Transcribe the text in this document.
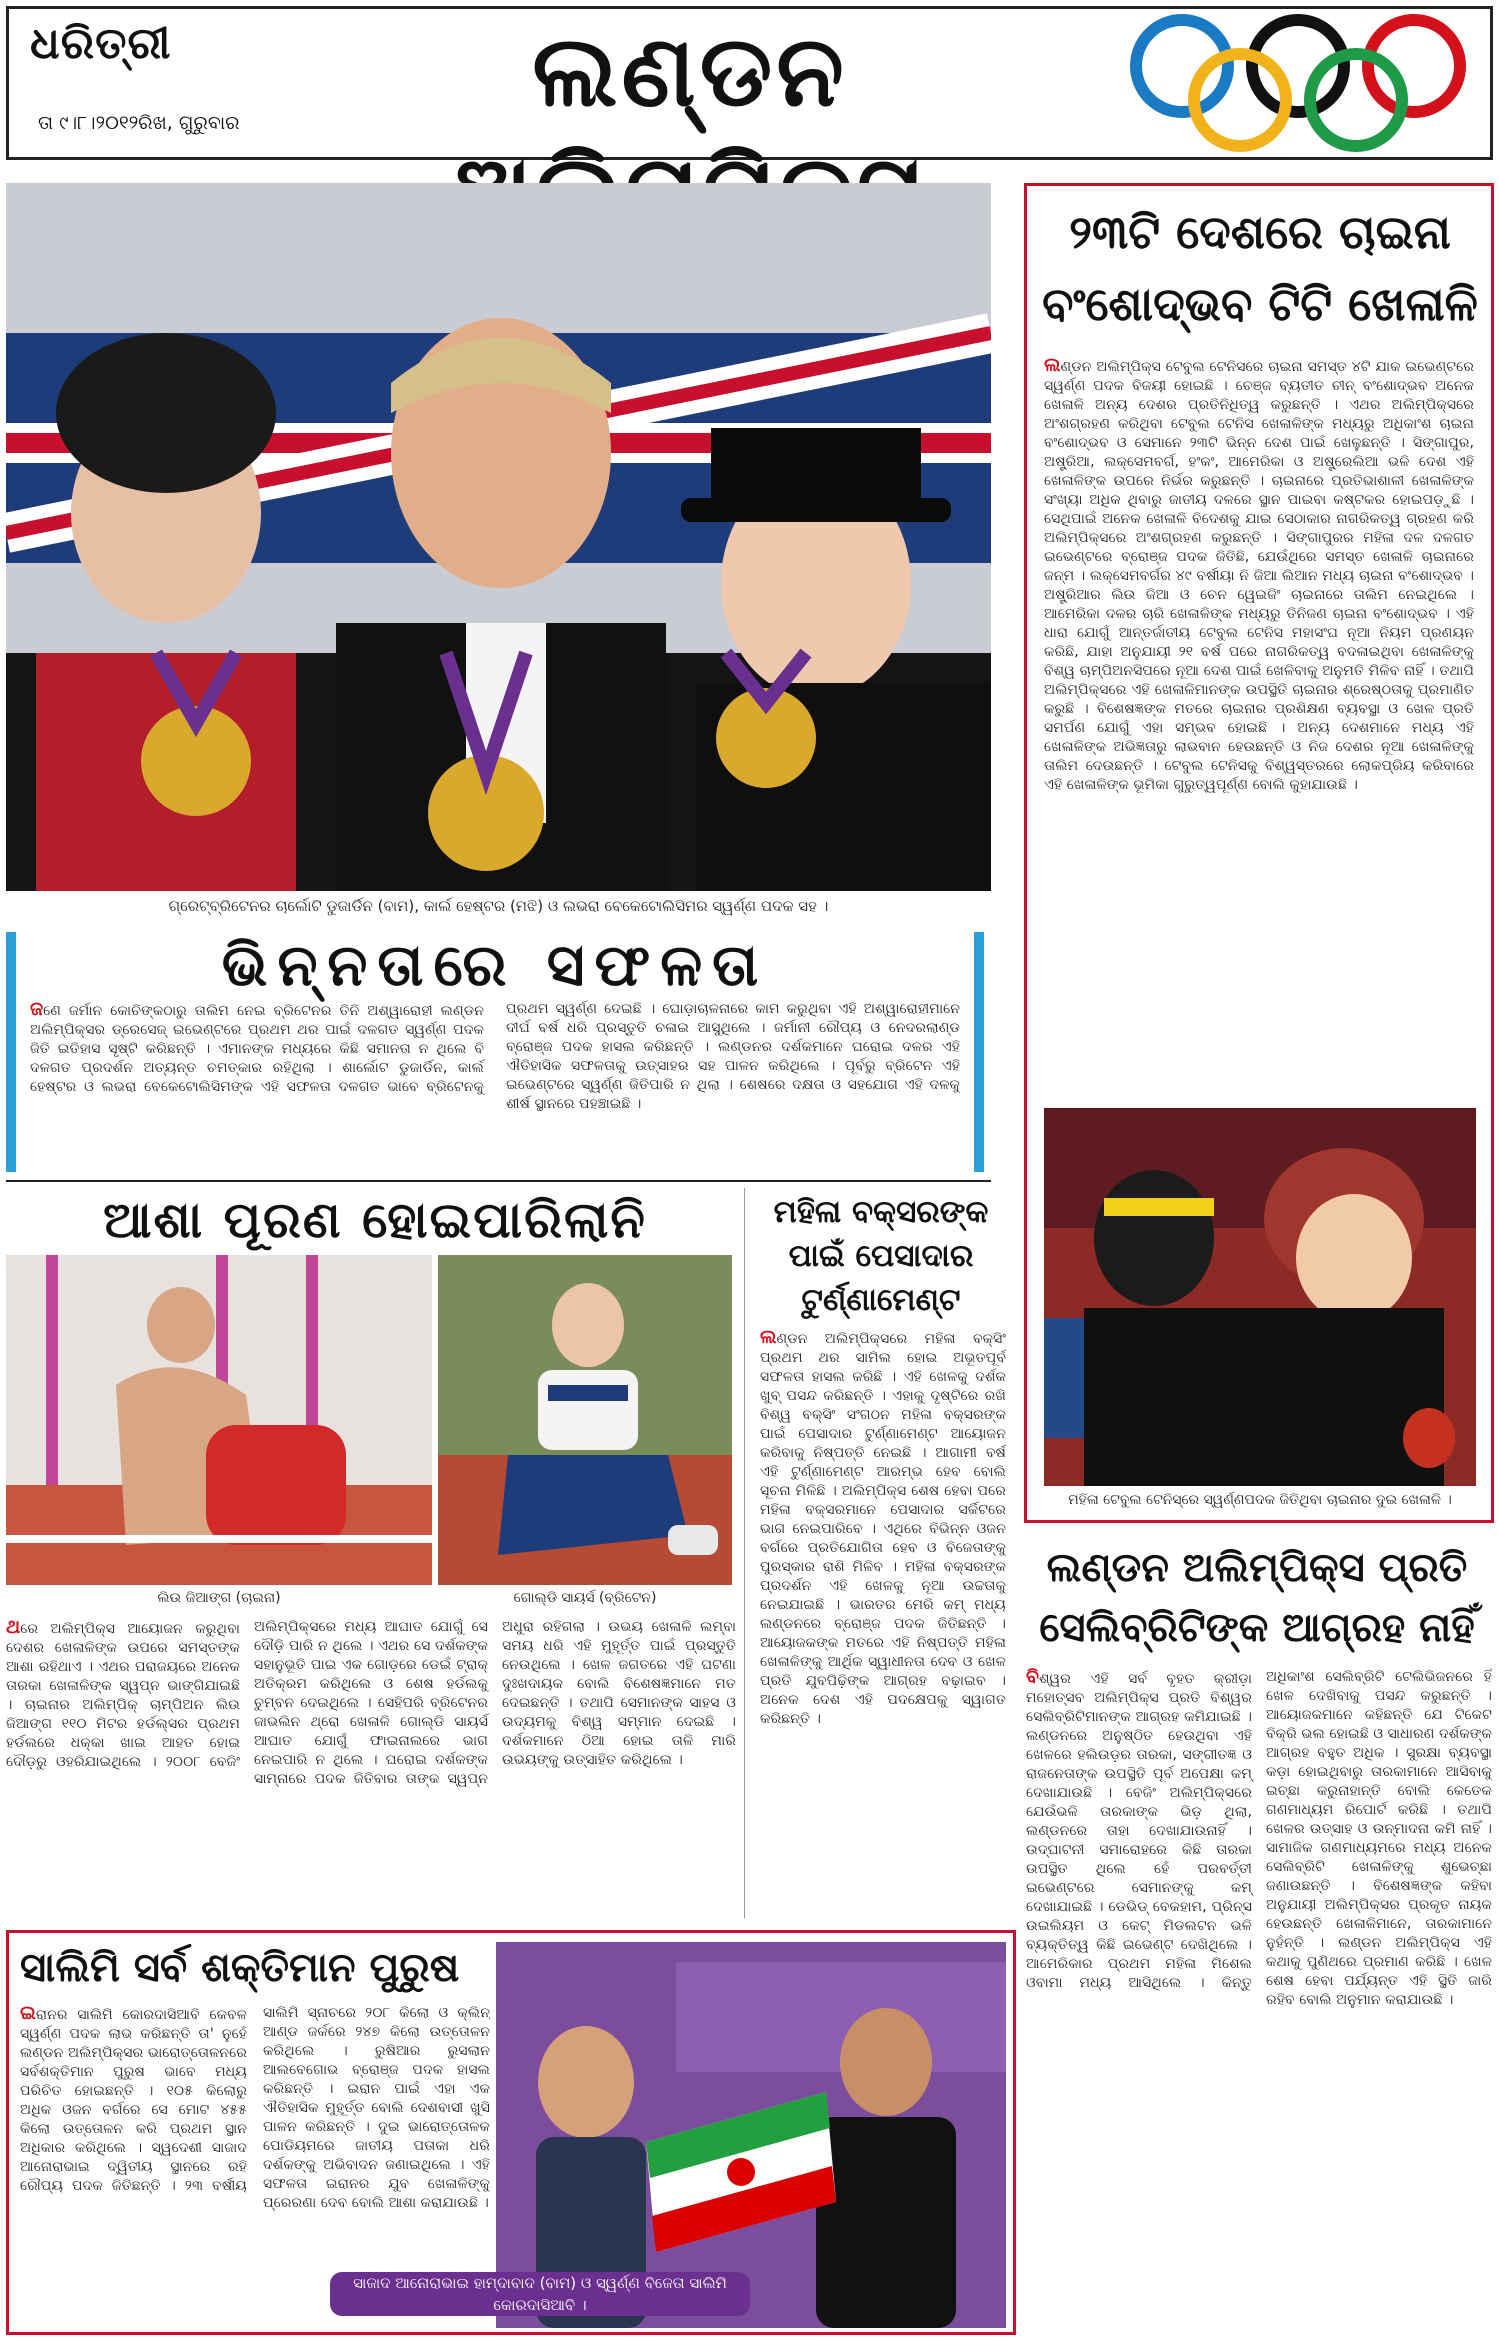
ଧରିତ୍ରୀ
ତା ୯।୮।୨୦୧୨ରିଖ, ଗୁରୁବାର	ଲଣ୍ଡନ
ଗ୍ରେଟ୍‌ବ୍ରିଟେନର ଚାର୍ଲୋଟି ଡୁଜାର୍ଡିନ (ବାମ), କାର୍ଲ ହେଷ୍ଟର (ମଝି) ଓ ଲଭରା ବେକେଟୋଲିସିମର ସ୍ୱର୍ଣ୍ଣ ପଦକ ସହ ।
ଭିନ୍ନତାରେ ସଫଳତା
ଜଣେ ଜର୍ମାନ କୋଚିଙ୍କଠାରୁ ତାଲିମ ନେଇ ବ୍ରିଟେନର ତିନି ଅଶ୍ୱାରୋହୀ ଲଣ୍ଡନ ଅଲିମ୍ପିକ୍ସର ଡ୍ରେସେଜ୍ ଇଭେଣ୍ଟରେ ପ୍ରଥମ ଥର ପାଇଁ ଦଳଗତ ସ୍ୱର୍ଣ୍ଣ ପଦକ ଜିତି ଇତିହାସ ସୃଷ୍ଟି କରିଛନ୍ତି । ଏମାନଙ୍କ ମଧ୍ୟରେ କିଛି ସମାନତା ନ ଥିଲେ ବି ଦଳଗତ ପ୍ରଦର୍ଶନ ଅତ୍ୟନ୍ତ ଚମତ୍କାର ରହିଥିଲା । ଶାର୍ଲୋଟ ଡୁଜାର୍ଡିନ, କାର୍ଲ ହେଷ୍ଟର ଓ ଲଭରା ବେକେଟୋଲିସିମଙ୍କ ଏହି ସଫଳତା ଦଳଗତ ଭାବେ ବ୍ରିଟେନକୁ ପ୍ରଥମ ସ୍ୱର୍ଣ୍ଣ ଦେଇଛି । ଘୋଡ଼ାଚାଳନାରେ କାମ କରୁଥିବା ଏହି ଅଶ୍ୱାରୋହୀମାନେ ଦୀର୍ଘ ବର୍ଷ ଧରି ପ୍ରସ୍ତୁତି ଚଳାଇ ଆସୁଥିଲେ । ଜର୍ମାନୀ ରୌପ୍ୟ ଓ ନେଦରଲାଣ୍ଡ ବ୍ରୋଞ୍ଜ ପଦକ ହାସଲ କରିଛନ୍ତି । ଲଣ୍ଡନର ଦର୍ଶକମାନେ ଘରୋଇ ଦଳର ଏହି ଐତିହାସିକ ସଫଳତାକୁ ଉତ୍ସାହର ସହ ପାଳନ କରିଥିଲେ । ପୂର୍ବରୁ ବ୍ରିଟେନ ଏହି ଇଭେଣ୍ଟରେ ସ୍ୱର୍ଣ୍ଣ ଜିତିପାରି ନ ଥିଲା । ଶେଷରେ ଦକ୍ଷତା ଓ ସହଯୋଗ ଏହି ଦଳକୁ ଶୀର୍ଷ ସ୍ଥାନରେ ପହଞ୍ଚାଇଛି ।
୨୩ଟି ଦେଶରେ ଚାଇନା
ବଂଶୋଦ୍ଭବ ଟିଟି ଖେଳାଳି
ଲଣ୍ଡନ ଅଲିମ୍ପିକ୍ସ ଟେବୁଲ ଟେନିସରେ ଚାଇନା ସମସ୍ତ ୪ଟି ଯାକ ଇଭେଣ୍ଟରେ ସ୍ୱର୍ଣ୍ଣ ପଦକ ବିଜୟୀ ହୋଇଛି । ଚେଞ୍ଜ ବ୍ୟତୀତ ଚୀନ୍ ବଂଶୋଦ୍ଭବ ଅନେକ ଖେଳାଳି ଅନ୍ୟ ଦେଶର ପ୍ରତିନିଧିତ୍ୱ କରୁଛନ୍ତି । ଏଥର ଅଲିମ୍ପିକ୍ସରେ ଅଂଶଗ୍ରହଣ କରିଥିବା ଟେବୁଲ ଟେନିସ ଖେଳାଳିଙ୍କ ମଧ୍ୟରୁ ଅଧିକାଂଶ ଚାଇନା ବଂଶୋଦ୍ଭବ ଓ ସେମାନେ ୨୩ଟି ଭିନ୍ନ ଦେଶ ପାଇଁ ଖେଳୁଛନ୍ତି । ସିଙ୍ଗାପୁର, ଅଷ୍ଟ୍ରିଆ, ଲକ୍ସେମବର୍ଗ, ହଂକଂ, ଆମେରିକା ଓ ଅଷ୍ଟ୍ରେଲିଆ ଭଳି ଦେଶ ଏହି ଖେଳାଳିଙ୍କ ଉପରେ ନିର୍ଭର କରୁଛନ୍ତି । ଚାଇନାରେ ପ୍ରତିଭାଶାଳୀ ଖେଳାଳିଙ୍କ ସଂଖ୍ୟା ଅଧିକ ଥିବାରୁ ଜାତୀୟ ଦଳରେ ସ୍ଥାନ ପାଇବା କଷ୍ଟକର ହୋଇପଡ଼ୁଛି । ସେଥିପାଇଁ ଅନେକ ଖେଳାଳି ବିଦେଶକୁ ଯାଇ ସେଠାକାର ନାଗରିକତ୍ୱ ଗ୍ରହଣ କରି ଅଲିମ୍ପିକ୍ସରେ ଅଂଶଗ୍ରହଣ କରୁଛନ୍ତି । ସିଙ୍ଗାପୁରର ମହିଳା ଦଳ ଦଳଗତ ଇଭେଣ୍ଟରେ ବ୍ରୋଞ୍ଜ ପଦକ ଜିତିଛି, ଯେଉଁଥିରେ ସମସ୍ତ ଖେଳାଳି ଚାଇନାରେ ଜନ୍ମ । ଲକ୍ସେମବର୍ଗର ୪୯ ବର୍ଷୀୟା ନି ଜିଆ ଲିଆନ ମଧ୍ୟ ଚାଇନା ବଂଶୋଦ୍ଭବ । ଅଷ୍ଟ୍ରିଆର ଲିଉ ଜିଆ ଓ ଚେନ ୱେଇଜିଂ ଚାଇନାରେ ତାଲିମ ନେଇଥିଲେ । ଆମେରିକା ଦଳର ଚାରି ଖେଳାଳିଙ୍କ ମଧ୍ୟରୁ ତିନିଜଣ ଚାଇନା ବଂଶୋଦ୍ଭବ । ଏହି ଧାରା ଯୋଗୁଁ ଆନ୍ତର୍ଜାତୀୟ ଟେବୁଲ ଟେନିସ ମହାସଂଘ ନୂଆ ନିୟମ ପ୍ରଣୟନ କରିଛି, ଯାହା ଅନୁଯାୟୀ ୨୧ ବର୍ଷ ପରେ ନାଗରିକତ୍ୱ ବଦଳାଇଥିବା ଖେଳାଳିଙ୍କୁ ବିଶ୍ୱ ଚାମ୍ପିଅନସିପରେ ନୂଆ ଦେଶ ପାଇଁ ଖେଳିବାକୁ ଅନୁମତି ମିଳିବ ନାହିଁ । ତଥାପି ଅଲିମ୍ପିକ୍ସରେ ଏହି ଖେଳାଳିମାନଙ୍କ ଉପସ୍ଥିତି ଚାଇନାର ଶ୍ରେଷ୍ଠତାକୁ ପ୍ରମାଣିତ କରୁଛି । ବିଶେଷଜ୍ଞଙ୍କ ମତରେ ଚାଇନାର ପ୍ରଶିକ୍ଷଣ ବ୍ୟବସ୍ଥା ଓ ଖେଳ ପ୍ରତି ସମର୍ପଣ ଯୋଗୁଁ ଏହା ସମ୍ଭବ ହୋଇଛି । ଅନ୍ୟ ଦେଶମାନେ ମଧ୍ୟ ଏହି ଖେଳାଳିଙ୍କ ଅଭିଜ୍ଞତାରୁ ଲାଭବାନ ହେଉଛନ୍ତି ଓ ନିଜ ଦେଶର ନୂଆ ଖେଳାଳିଙ୍କୁ ତାଲିମ ଦେଉଛନ୍ତି । ଟେବୁଲ ଟେନିସକୁ ବିଶ୍ୱସ୍ତରରେ ଲୋକପ୍ରିୟ କରିବାରେ ଏହି ଖେଳାଳିଙ୍କ ଭୂମିକା ଗୁରୁତ୍ୱପୂର୍ଣ୍ଣ ବୋଲି କୁହାଯାଉଛି ।
ମହିଳା ଟେବୁଲ ଟେନିସ୍‌ରେ ସ୍ୱର୍ଣ୍ଣପଦକ ଜିତିଥିବା ଚାଇନାର ଦୁଇ ଖେଳାଳି ।
ଆଶା ପୂରଣ ହୋଇପାରିଲାନି
ଲିଉ ଜିଆଙ୍ଗ (ଚାଇନା)	ଗୋଲ୍ଡି ସାୟର୍ସ (ବ୍ରିଟେନ)
ଥରେ ଅଲିମ୍ପିକ୍ସ ଆୟୋଜନ କରୁଥିବା ଦେଶର ଖେଳାଳିଙ୍କ ଉପରେ ସମସ୍ତଙ୍କ ଆଶା ରହିଥାଏ । ଏଥର ପରାଜୟରେ ଅନେକ ତାରକା ଖେଳାଳିଙ୍କ ସ୍ୱପ୍ନ ଭାଙ୍ଗିଯାଇଛି । ଚାଇନାର ଅଲିମ୍ପିକ୍ ଚାମ୍ପିଅନ ଲିଉ ଜିଆଙ୍ଗ ୧୧୦ ମିଟର ହର୍ଡଲ୍‌ସର ପ୍ରଥମ ହର୍ଡଲରେ ଧକ୍କା ଖାଇ ଆହତ ହୋଇ ଦୌଡ଼ରୁ ଓହରିଯାଇଥିଲେ । ୨୦୦୮ ବେଜିଂ ଅଲିମ୍ପିକ୍ସରେ ମଧ୍ୟ ଆଘାତ ଯୋଗୁଁ ସେ ଦୌଡ଼ି ପାରି ନ ଥିଲେ । ଏଥର ସେ ଦର୍ଶକଙ୍କ ସହାନୁଭୂତି ପାଇ ଏକ ଗୋଡ଼ରେ ଡେଇଁ ଟ୍ରାକ୍ ଅତିକ୍ରମ କରିଥିଲେ ଓ ଶେଷ ହର୍ଡଲକୁ ଚୁମ୍ବନ ଦେଇଥିଲେ । ସେହିପରି ବ୍ରିଟେନର ଜାଭଲିନ ଥ୍ରୋ ଖେଳାଳି ଗୋଲ୍ଡି ସାୟର୍ସ ଆଘାତ ଯୋଗୁଁ ଫାଇନାଲରେ ଭାଗ ନେଇପାରି ନ ଥିଲେ । ଘରୋଇ ଦର୍ଶକଙ୍କ ସାମ୍ନାରେ ପଦକ ଜିତିବାର ତାଙ୍କ ସ୍ୱପ୍ନ ଅଧୁରା ରହିଗଲା । ଉଭୟ ଖେଳାଳି ଲମ୍ବା ସମୟ ଧରି ଏହି ମୁହୂର୍ତ୍ତ ପାଇଁ ପ୍ରସ୍ତୁତି ନେଉଥିଲେ । ଖେଳ ଜଗତରେ ଏହି ଘଟଣା ଦୁଃଖଦାୟକ ବୋଲି ବିଶେଷଜ୍ଞମାନେ ମତ ଦେଇଛନ୍ତି । ତଥାପି ସେମାନଙ୍କ ସାହସ ଓ ଉଦ୍ୟମକୁ ବିଶ୍ୱ ସମ୍ମାନ ଦେଇଛି । ଦର୍ଶକମାନେ ଠିଆ ହୋଇ ତାଳି ମାରି ଉଭୟଙ୍କୁ ଉତ୍ସାହିତ କରିଥିଲେ ।
ମହିଳା ବକ୍ସରଙ୍କ
ପାଇଁ ପେସାଦାର
ଟୁର୍ଣ୍ଣାମେଣ୍ଟ
ଲଣ୍ଡନ ଅଲିମ୍ପିକ୍ସରେ ମହିଳା ବକ୍ସିଂ ପ୍ରଥମ ଥର ସାମିଲ ହୋଇ ଅଭୂତପୂର୍ବ ସଫଳତା ହାସଲ କରିଛି । ଏହି ଖେଳକୁ ଦର୍ଶକ ଖୁବ୍ ପସନ୍ଦ କରିଛନ୍ତି । ଏହାକୁ ଦୃଷ୍ଟିରେ ରଖି ବିଶ୍ୱ ବକ୍ସିଂ ସଂଗଠନ ମହିଳା ବକ୍ସରଙ୍କ ପାଇଁ ପେସାଦାର ଟୁର୍ଣ୍ଣାମେଣ୍ଟ ଆୟୋଜନ କରିବାକୁ ନିଷ୍ପତ୍ତି ନେଇଛି । ଆଗାମୀ ବର୍ଷ ଏହି ଟୁର୍ଣ୍ଣାମେଣ୍ଟ ଆରମ୍ଭ ହେବ ବୋଲି ସୂଚନା ମିଳିଛି । ଅଲିମ୍ପିକ୍ସ ଶେଷ ହେବା ପରେ ମହିଳା ବକ୍ସରମାନେ ପେସାଦାର ସର୍କିଟରେ ଭାଗ ନେଇପାରିବେ । ଏଥିରେ ବିଭିନ୍ନ ଓଜନ ବର୍ଗରେ ପ୍ରତିଯୋଗିତା ହେବ ଓ ବିଜେତାଙ୍କୁ ପୁରସ୍କାର ରାଶି ମିଳିବ । ମହିଳା ବକ୍ସରଙ୍କ ପ୍ରଦର୍ଶନ ଏହି ଖେଳକୁ ନୂଆ ଉଚ୍ଚତାକୁ ନେଇଯାଇଛି । ଭାରତର ମେରି କମ୍ ମଧ୍ୟ ଲଣ୍ଡନରେ ବ୍ରୋଞ୍ଜ ପଦକ ଜିତିଛନ୍ତି । ଆୟୋଜକଙ୍କ ମତରେ ଏହି ନିଷ୍ପତ୍ତି ମହିଳା ଖେଳାଳିଙ୍କୁ ଆର୍ଥିକ ସ୍ୱାଧୀନତା ଦେବ ଓ ଖେଳ ପ୍ରତି ଯୁବପିଢ଼ିଙ୍କ ଆଗ୍ରହ ବଢ଼ାଇବ । ଅନେକ ଦେଶ ଏହି ପଦକ୍ଷେପକୁ ସ୍ୱାଗତ କରିଛନ୍ତି ।
ଲଣ୍ଡନ ଅଲିମ୍ପିକ୍ସ ପ୍ରତି
ସେଲିବ୍ରିଟିଙ୍କ ଆଗ୍ରହ ନାହିଁ
ବିଶ୍ୱର ଏହି ସର୍ବ ବୃହତ କ୍ରୀଡ଼ା ମହୋତ୍ସବ ଅଲିମ୍ପିକ୍ସ ପ୍ରତି ବିଶ୍ୱର ସେଲିବ୍ରିଟିମାନଙ୍କ ଆଗ୍ରହ କମିଯାଇଛି । ଲଣ୍ଡନରେ ଅନୁଷ୍ଠିତ ହେଉଥିବା ଏହି ଖେଳରେ ହଲିଉଡ଼ର ତାରକା, ସଙ୍ଗୀତଜ୍ଞ ଓ ରାଜନେତାଙ୍କ ଉପସ୍ଥିତି ପୂର୍ବ ଅପେକ୍ଷା କମ୍ ଦେଖାଯାଉଛି । ବେଜିଂ ଅଲିମ୍ପିକ୍ସରେ ଯେଉଁଭଳି ତାରକାଙ୍କ ଭିଡ଼ ଥିଲା, ଲଣ୍ଡନରେ ତାହା ଦେଖାଯାଉନାହିଁ । ଉଦ୍‌ଘାଟନୀ ସମାରୋହରେ କିଛି ତାରକା ଉପସ୍ଥିତ ଥିଲେ ହେଁ ପରବର୍ତ୍ତୀ ଇଭେଣ୍ଟରେ ସେମାନଙ୍କୁ କମ୍ ଦେଖାଯାଇଛି । ଡେଭିଡ୍ ବେକହାମ, ପ୍ରିନ୍ସ ଉଇଲିୟମ ଓ କେଟ୍ ମିଡଲଟନ ଭଳି ବ୍ୟକ୍ତିତ୍ୱ କିଛି ଇଭେଣ୍ଟ ଦେଖିଥିଲେ । ଆମେରିକାର ପ୍ରଥମ ମହିଳା ମିଶେଲ ଓବାମା ମଧ୍ୟ ଆସିଥିଲେ । କିନ୍ତୁ ଅଧିକାଂଶ ସେଲିବ୍ରିଟି ଟେଲିଭିଜନରେ ହିଁ ଖେଳ ଦେଖିବାକୁ ପସନ୍ଦ କରୁଛନ୍ତି । ଆୟୋଜକମାନେ କହିଛନ୍ତି ଯେ ଟିକେଟ ବିକ୍ରି ଭଲ ହୋଇଛି ଓ ସାଧାରଣ ଦର୍ଶକଙ୍କ ଆଗ୍ରହ ବହୁତ ଅଧିକ । ସୁରକ୍ଷା ବ୍ୟବସ୍ଥା କଡ଼ା ହୋଇଥିବାରୁ ତାରକାମାନେ ଆସିବାକୁ ଇଚ୍ଛା କରୁନାହାନ୍ତି ବୋଲି କେତେକ ଗଣମାଧ୍ୟମ ରିପୋର୍ଟ କରିଛି । ତଥାପି ଖେଳର ଉତ୍ସାହ ଓ ଉନ୍ମାଦନା କମି ନାହିଁ । ସାମାଜିକ ଗଣମାଧ୍ୟମରେ ମଧ୍ୟ ଅନେକ ସେଲିବ୍ରିଟି ଖେଳାଳିଙ୍କୁ ଶୁଭେଚ୍ଛା ଜଣାଉଛନ୍ତି । ବିଶେଷଜ୍ଞଙ୍କ କହିବା ଅନୁଯାୟୀ ଅଲିମ୍ପିକ୍ସର ପ୍ରକୃତ ନାୟକ ହେଉଛନ୍ତି ଖେଳାଳିମାନେ, ତାରକାମାନେ ନୁହଁନ୍ତି । ଲଣ୍ଡନ ଅଲିମ୍ପିକ୍ସ ଏହି କଥାକୁ ପୁଣିଥରେ ପ୍ରମାଣ କରିଛି । ଖେଳ ଶେଷ ହେବା ପର୍ଯ୍ୟନ୍ତ ଏହି ସ୍ଥିତି ଜାରି ରହିବ ବୋଲି ଅନୁମାନ କରାଯାଉଛି ।
ସାଲିମି ସର୍ବ ଶକ୍ତିମାନ ପୁରୁଷ
ଇରାନର ସାଲିମି କୋରଦାସିଆବି କେବଳ ସ୍ୱର୍ଣ୍ଣ ପଦକ ଲାଭ କରିଛନ୍ତି ତା' ନୁହେଁ ଲଣ୍ଡନ ଅଲିମ୍ପିକ୍ସର ଭାରୋତ୍ତୋଳନରେ ସର୍ବଶକ୍ତିମାନ ପୁରୁଷ ଭାବେ ମଧ୍ୟ ପରିଚିତ ହୋଇଛନ୍ତି । ୧୦୫ କିଲୋରୁ ଅଧିକ ଓଜନ ବର୍ଗରେ ସେ ମୋଟ ୪୫୫ କିଲୋ ଉତ୍ତୋଳନ କରି ପ୍ରଥମ ସ୍ଥାନ ଅଧିକାର କରିଥିଲେ । ସ୍ୱଦେଶୀ ସାଜାଦ ଆନୋରାଭାଇ ଦ୍ୱିତୀୟ ସ୍ଥାନରେ ରହି ରୌପ୍ୟ ପଦକ ଜିତିଛନ୍ତି । ୨୩ ବର୍ଷୀୟ ସାଲିମି ସ୍ନାଚରେ ୨୦୮ କିଲୋ ଓ କ୍ଲିନ୍ ଆଣ୍ଡ ଜର୍କରେ ୨୪୭ କିଲୋ ଉତ୍ତୋଳନ କରିଥିଲେ । ରୁଷିଆର ରୁସଲାନ ଆଲବେଗୋଭ ବ୍ରୋଞ୍ଜ ପଦକ ହାସଲ କରିଛନ୍ତି । ଇରାନ ପାଇଁ ଏହା ଏକ ଐତିହାସିକ ମୁହୂର୍ତ୍ତ ବୋଲି ଦେଶବାସୀ ଖୁସି ପାଳନ କରିଛନ୍ତି । ଦୁଇ ଭାରୋତ୍ତୋଳକ ପୋଡିୟମରେ ଜାତୀୟ ପତାକା ଧରି ଦର୍ଶକଙ୍କୁ ଅଭିବାଦନ ଜଣାଇଥିଲେ । ଏହି ସଫଳତା ଇରାନର ଯୁବ ଖେଳାଳିଙ୍କୁ ପ୍ରେରଣା ଦେବ ବୋଲି ଆଶା କରାଯାଉଛି ।
ସାଜାଦ ଆନୋରାଭାଇ ହାମ୍‌ଦାବାଦ (ବାମ) ଓ ସ୍ୱର୍ଣ୍ଣ ବିଜେତା ସାଲିମି କୋରଦାସିଆବି ।
